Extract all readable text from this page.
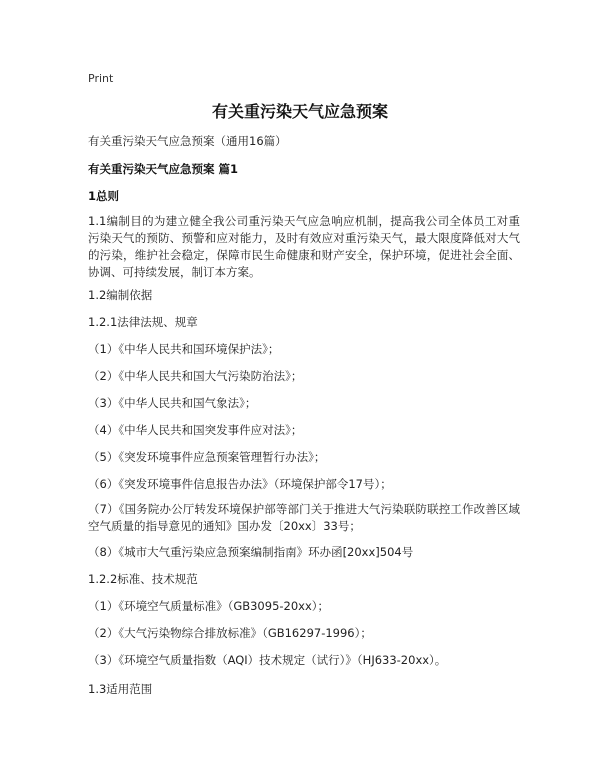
Print

有关重污染天气应急预案

有关重污染天气应急预案（通用16篇）

有关重污染天气应急预案 篇1

1总则

1.1编制目的为建立健全我公司重污染天气应急响应机制，提高我公司全体员工对重污染天气的预防、预警和应对能力，及时有效应对重污染天气，最大限度降低对大气的污染，维护社会稳定，保障市民生命健康和财产安全，保护环境，促进社会全面、协调、可持续发展，制订本方案。

1.2编制依据

1.2.1法律法规、规章

（1）《中华人民共和国环境保护法》；

（2）《中华人民共和国大气污染防治法》；

（3）《中华人民共和国气象法》；

（4）《中华人民共和国突发事件应对法》；

（5）《突发环境事件应急预案管理暂行办法》；

（6）《突发环境事件信息报告办法》（环境保护部令17号）；

（7）《国务院办公厅转发环境保护部等部门关于推进大气污染联防联控工作改善区域空气质量的指导意见的通知》国办发〔20xx〕33号；

（8）《城市大气重污染应急预案编制指南》环办函[20xx]504号

1.2.2标准、技术规范

（1）《环境空气质量标准》（GB3095-20xx）；

（2）《大气污染物综合排放标准》（GB16297-1996）；

（3）《环境空气质量指数（AQI）技术规定（试行）》（HJ633-20xx）。

1.3适用范围
